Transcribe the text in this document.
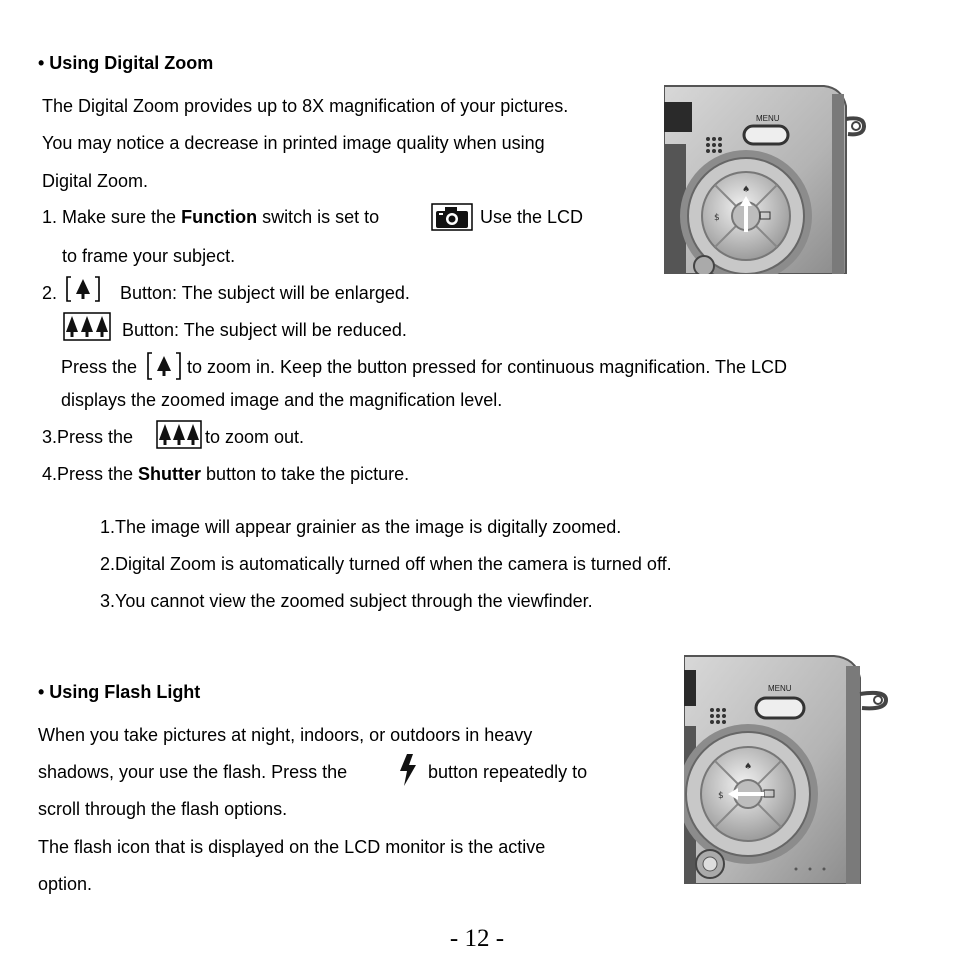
• Using Digital Zoom
The Digital Zoom provides up to 8X magnification of your pictures.
You may notice a decrease in printed image quality when using
Digital Zoom.
1. Make sure the Function switch is set to	Use the LCD
to frame your subject.
2.	Button: The subject will be enlarged.
Button: The subject will be reduced.
Press the	to zoom in. Keep the button pressed for continuous magnification. The LCD
displays the zoomed image and the magnification level.
3.Press the	to zoom out.
4.Press the Shutter button to take the picture.
1.The image will appear grainier as the image is digitally zoomed.
2.Digital Zoom is automatically turned off when the camera is turned off.
3.You cannot view the zoomed subject through the viewfinder.
MENU
♠
$
• Using Flash Light
When you take pictures at night, indoors, or outdoors in heavy
shadows, your use the flash. Press the	button repeatedly to
scroll through the flash options.
The flash icon that is displayed on the LCD monitor is the active
option.
MENU
♠
$
- 12 -
